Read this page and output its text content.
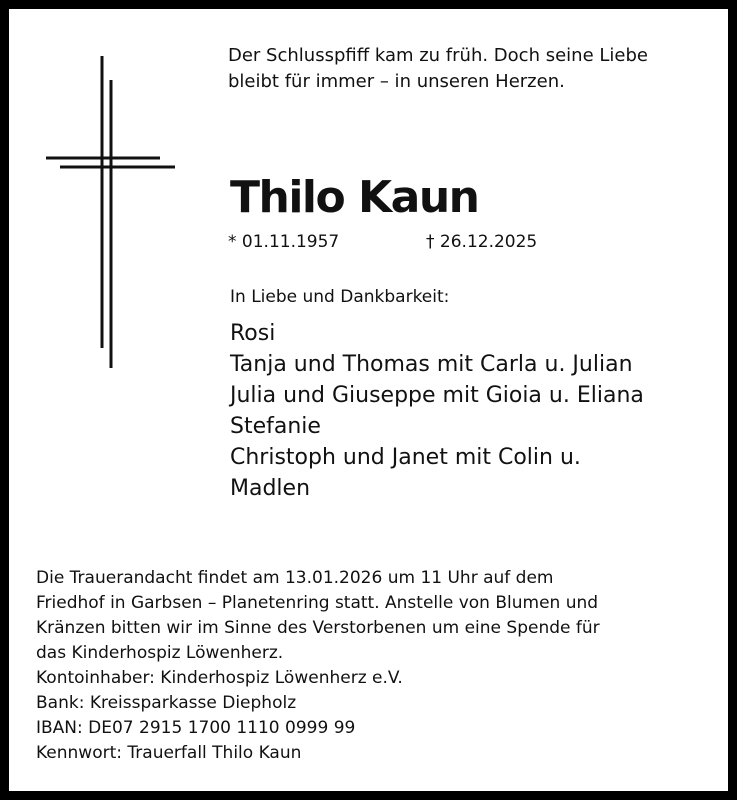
Der Schlusspfiff kam zu früh. Doch seine Liebe
bleibt für immer – in unseren Herzen.
Thilo Kaun
* 01.11.1957	† 26.12.2025
In Liebe und Dankbarkeit:
Rosi
Tanja und Thomas mit Carla u. Julian
Julia und Giuseppe mit Gioia u. Eliana
Stefanie
Christoph und Janet mit Colin u.
Madlen
Die Trauerandacht findet am 13.01.2026 um 11 Uhr auf dem
Friedhof in Garbsen – Planetenring statt. Anstelle von Blumen und
Kränzen bitten wir im Sinne des Verstorbenen um eine Spende für
das Kinderhospiz Löwenherz.
Kontoinhaber: Kinderhospiz Löwenherz e.V.
Bank: Kreissparkasse Diepholz
IBAN: DE07 2915 1700 1110 0999 99
Kennwort: Trauerfall Thilo Kaun
